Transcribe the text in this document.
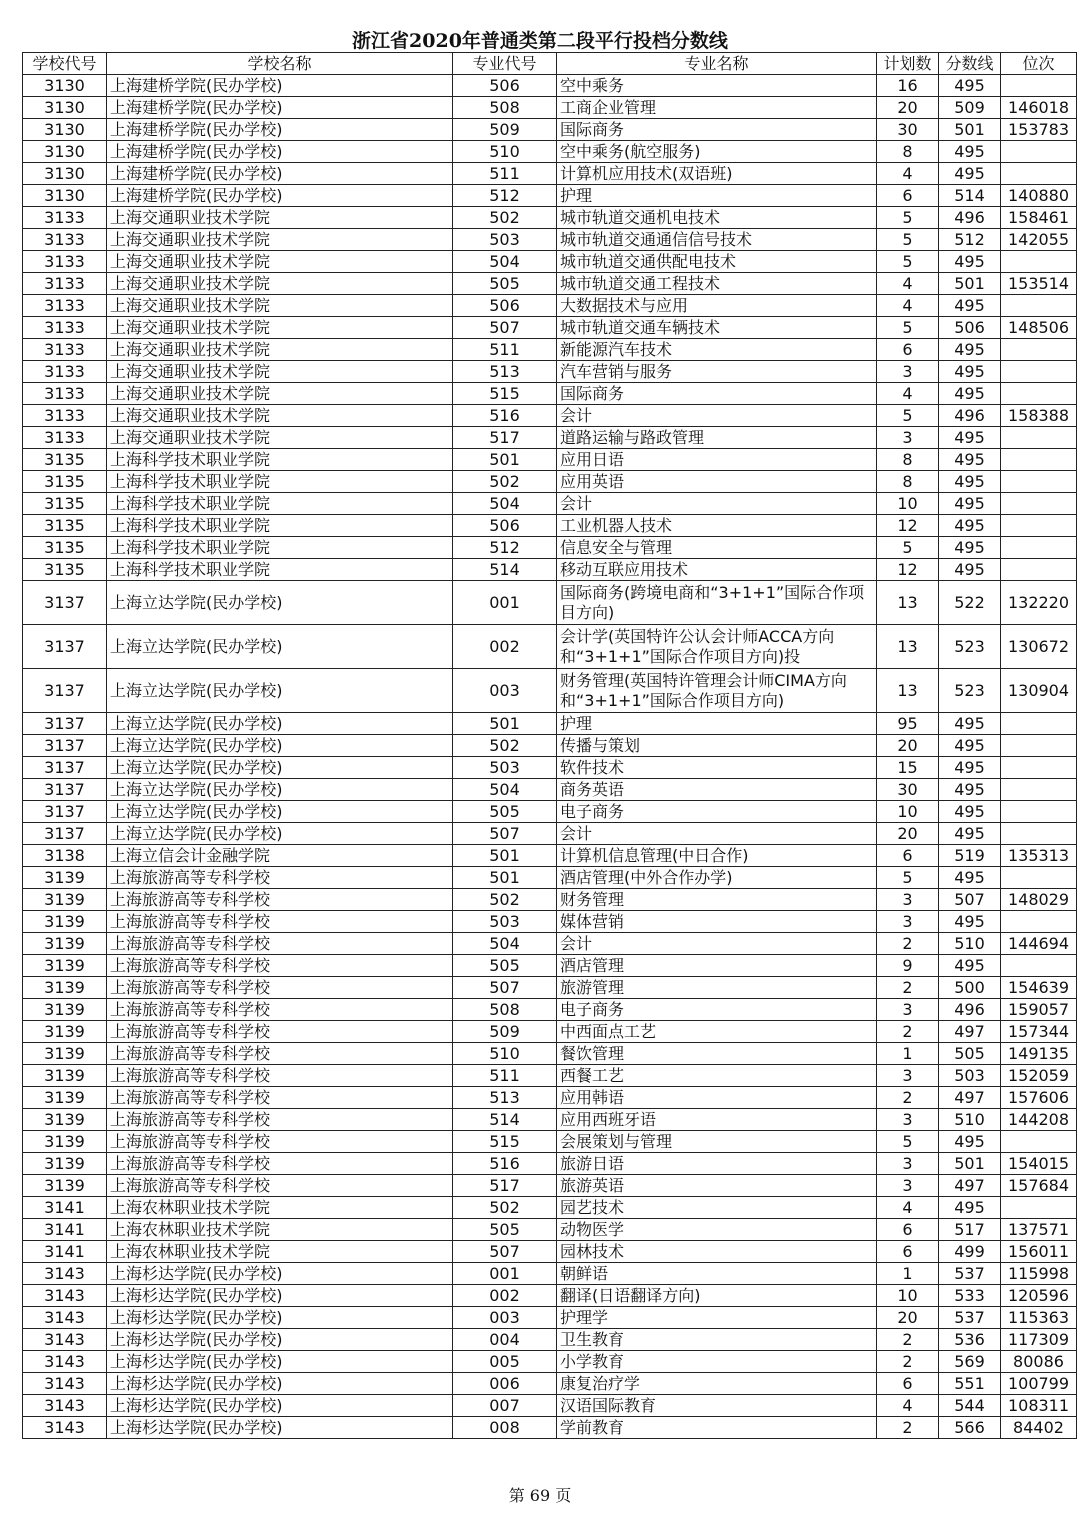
浙江省2020年普通类第二段平行投档分数线
学校代号	学校名称	专业代号	专业名称	计划数	分数线	位次
3130	上海建桥学院(民办学校)	506	空中乘务	16	495	
3130	上海建桥学院(民办学校)	508	工商企业管理	20	509	146018
3130	上海建桥学院(民办学校)	509	国际商务	30	501	153783
3130	上海建桥学院(民办学校)	510	空中乘务(航空服务)	8	495	
3130	上海建桥学院(民办学校)	511	计算机应用技术(双语班)	4	495	
3130	上海建桥学院(民办学校)	512	护理	6	514	140880
3133	上海交通职业技术学院	502	城市轨道交通机电技术	5	496	158461
3133	上海交通职业技术学院	503	城市轨道交通通信信号技术	5	512	142055
3133	上海交通职业技术学院	504	城市轨道交通供配电技术	5	495	
3133	上海交通职业技术学院	505	城市轨道交通工程技术	4	501	153514
3133	上海交通职业技术学院	506	大数据技术与应用	4	495	
3133	上海交通职业技术学院	507	城市轨道交通车辆技术	5	506	148506
3133	上海交通职业技术学院	511	新能源汽车技术	6	495	
3133	上海交通职业技术学院	513	汽车营销与服务	3	495	
3133	上海交通职业技术学院	515	国际商务	4	495	
3133	上海交通职业技术学院	516	会计	5	496	158388
3133	上海交通职业技术学院	517	道路运输与路政管理	3	495	
3135	上海科学技术职业学院	501	应用日语	8	495	
3135	上海科学技术职业学院	502	应用英语	8	495	
3135	上海科学技术职业学院	504	会计	10	495	
3135	上海科学技术职业学院	506	工业机器人技术	12	495	
3135	上海科学技术职业学院	512	信息安全与管理	5	495	
3135	上海科学技术职业学院	514	移动互联应用技术	12	495	
3137	上海立达学院(民办学校)	001	国际商务(跨境电商和“3+1+1”国际合作项目方向)	13	522	132220
3137	上海立达学院(民办学校)	002	会计学(英国特许公认会计师ACCA方向和“3+1+1”国际合作项目方向)投	13	523	130672
3137	上海立达学院(民办学校)	003	财务管理(英国特许管理会计师CIMA方向和“3+1+1”国际合作项目方向)	13	523	130904
3137	上海立达学院(民办学校)	501	护理	95	495	
3137	上海立达学院(民办学校)	502	传播与策划	20	495	
3137	上海立达学院(民办学校)	503	软件技术	15	495	
3137	上海立达学院(民办学校)	504	商务英语	30	495	
3137	上海立达学院(民办学校)	505	电子商务	10	495	
3137	上海立达学院(民办学校)	507	会计	20	495	
3138	上海立信会计金融学院	501	计算机信息管理(中日合作)	6	519	135313
3139	上海旅游高等专科学校	501	酒店管理(中外合作办学)	5	495	
3139	上海旅游高等专科学校	502	财务管理	3	507	148029
3139	上海旅游高等专科学校	503	媒体营销	3	495	
3139	上海旅游高等专科学校	504	会计	2	510	144694
3139	上海旅游高等专科学校	505	酒店管理	9	495	
3139	上海旅游高等专科学校	507	旅游管理	2	500	154639
3139	上海旅游高等专科学校	508	电子商务	3	496	159057
3139	上海旅游高等专科学校	509	中西面点工艺	2	497	157344
3139	上海旅游高等专科学校	510	餐饮管理	1	505	149135
3139	上海旅游高等专科学校	511	西餐工艺	3	503	152059
3139	上海旅游高等专科学校	513	应用韩语	2	497	157606
3139	上海旅游高等专科学校	514	应用西班牙语	3	510	144208
3139	上海旅游高等专科学校	515	会展策划与管理	5	495	
3139	上海旅游高等专科学校	516	旅游日语	3	501	154015
3139	上海旅游高等专科学校	517	旅游英语	3	497	157684
3141	上海农林职业技术学院	502	园艺技术	4	495	
3141	上海农林职业技术学院	505	动物医学	6	517	137571
3141	上海农林职业技术学院	507	园林技术	6	499	156011
3143	上海杉达学院(民办学校)	001	朝鲜语	1	537	115998
3143	上海杉达学院(民办学校)	002	翻译(日语翻译方向)	10	533	120596
3143	上海杉达学院(民办学校)	003	护理学	20	537	115363
3143	上海杉达学院(民办学校)	004	卫生教育	2	536	117309
3143	上海杉达学院(民办学校)	005	小学教育	2	569	80086
3143	上海杉达学院(民办学校)	006	康复治疗学	6	551	100799
3143	上海杉达学院(民办学校)	007	汉语国际教育	4	544	108311
3143	上海杉达学院(民办学校)	008	学前教育	2	566	84402
第 69 页
